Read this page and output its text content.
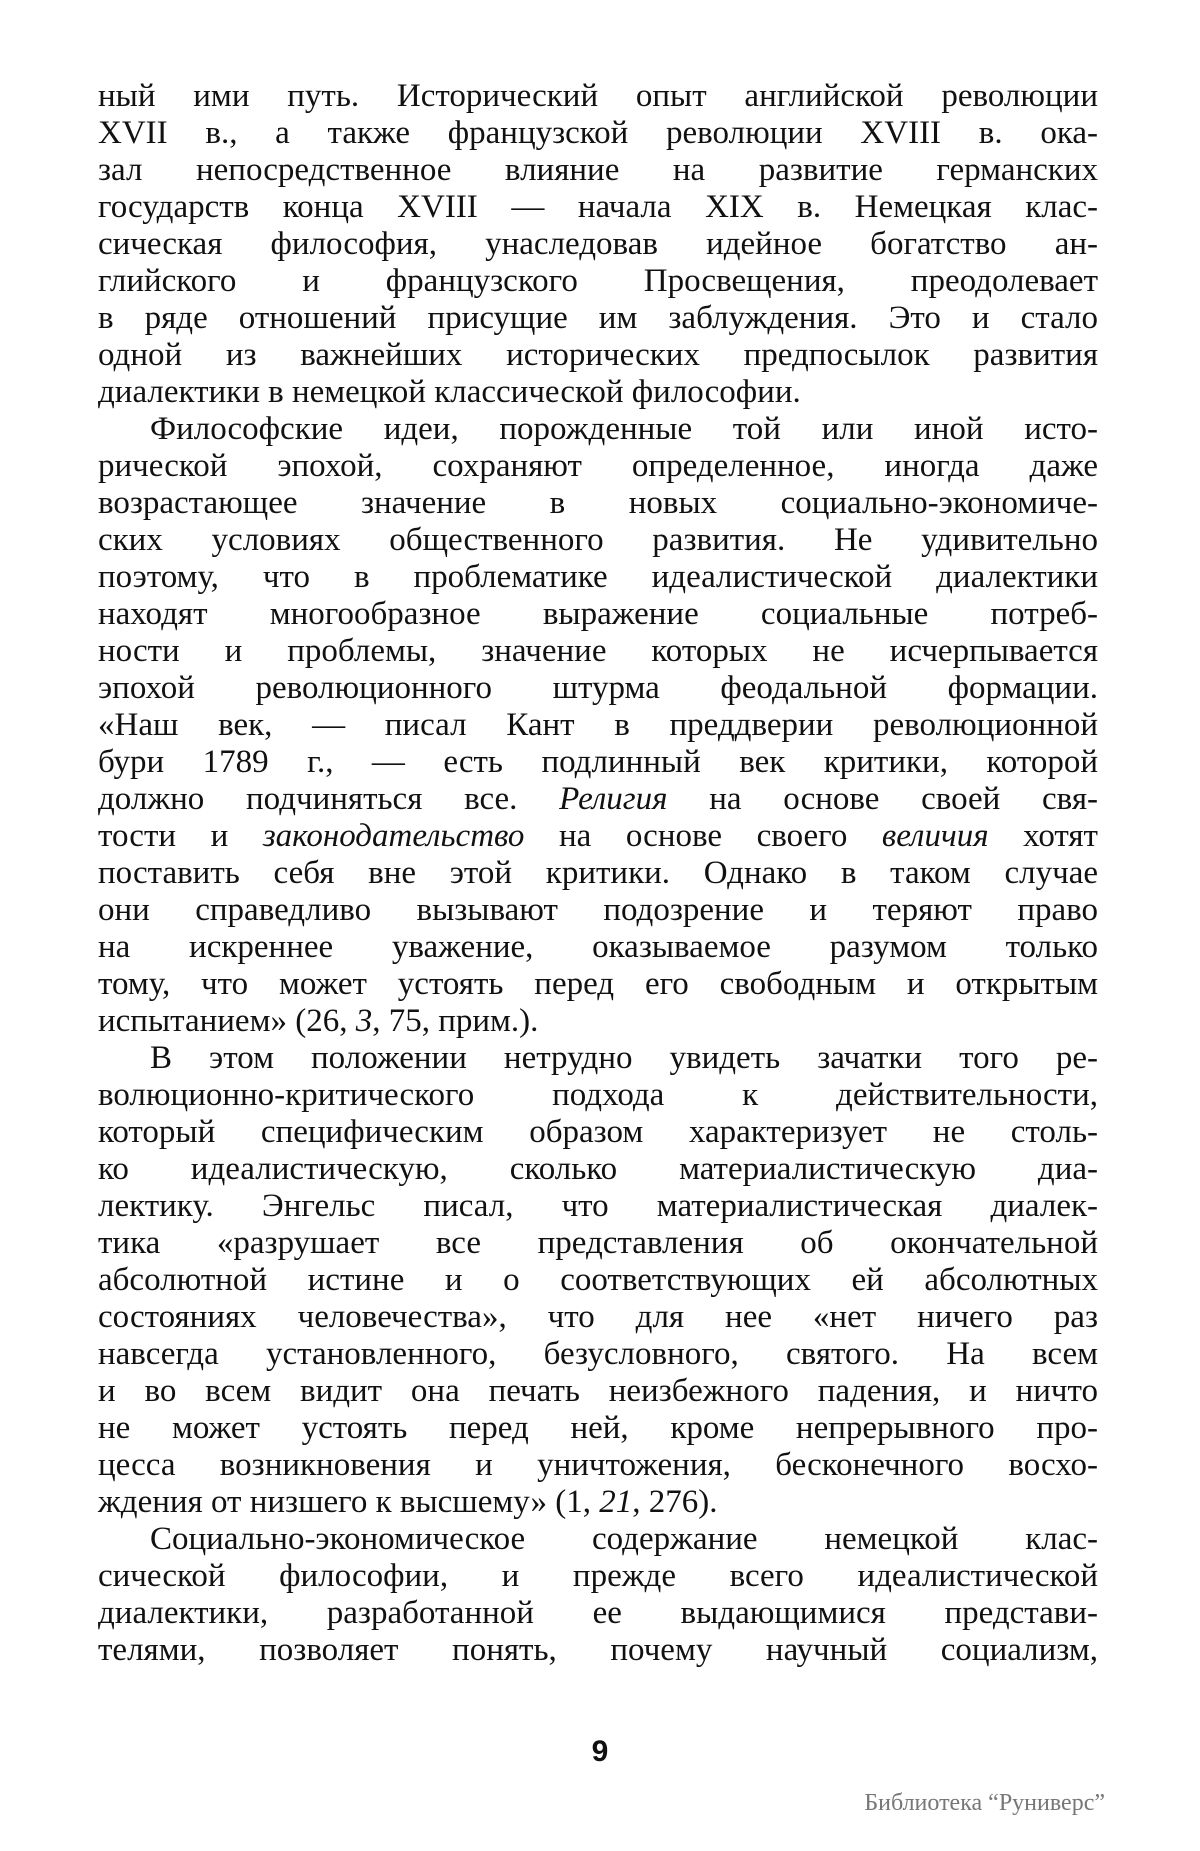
ный ими путь. Исторический опыт английской революции
XVII в., а также французской революции XVIII в. ока-
зал непосредственное влияние на развитие германских
государств конца XVIII — начала XIX в. Немецкая клас-
сическая философия, унаследовав идейное богатство ан-
глийского и французского Просвещения, преодолевает
в ряде отношений присущие им заблуждения. Это и стало
одной из важнейших исторических предпосылок развития
диалектики в немецкой классической философии.
Философские идеи, порожденные той или иной исто-
рической эпохой, сохраняют определенное, иногда даже
возрастающее значение в новых социально-экономиче-
ских условиях общественного развития. Не удивительно
поэтому, что в проблематике идеалистической диалектики
находят многообразное выражение социальные потреб-
ности и проблемы, значение которых не исчерпывается
эпохой революционного штурма феодальной формации.
«Наш век, — писал Кант в преддверии революционной
бури 1789 г., — есть подлинный век критики, которой
должно подчиняться все. Религия на основе своей свя-
тости и законодательство на основе своего величия хотят
поставить себя вне этой критики. Однако в таком случае
они справедливо вызывают подозрение и теряют право
на искреннее уважение, оказываемое разумом только
тому, что может устоять перед его свободным и открытым
испытанием» (26, 3, 75, прим.).
В этом положении нетрудно увидеть зачатки того ре-
волюционно-критического подхода к действительности,
который специфическим образом характеризует не столь-
ко идеалистическую, сколько материалистическую диа-
лектику. Энгельс писал, что материалистическая диалек-
тика «разрушает все представления об окончательной
абсолютной истине и о соответствующих ей абсолютных
состояниях человечества», что для нее «нет ничего раз
навсегда установленного, безусловного, святого. На всем
и во всем видит она печать неизбежного падения, и ничто
не может устоять перед ней, кроме непрерывного про-
цесса возникновения и уничтожения, бесконечного восхо-
ждения от низшего к высшему» (1, 21, 276).
Социально-экономическое содержание немецкой клас-
сической философии, и прежде всего идеалистической
диалектики, разработанной ее выдающимися представи-
телями, позволяет понять, почему научный социализм,
9
Библиотека “Руниверс”
